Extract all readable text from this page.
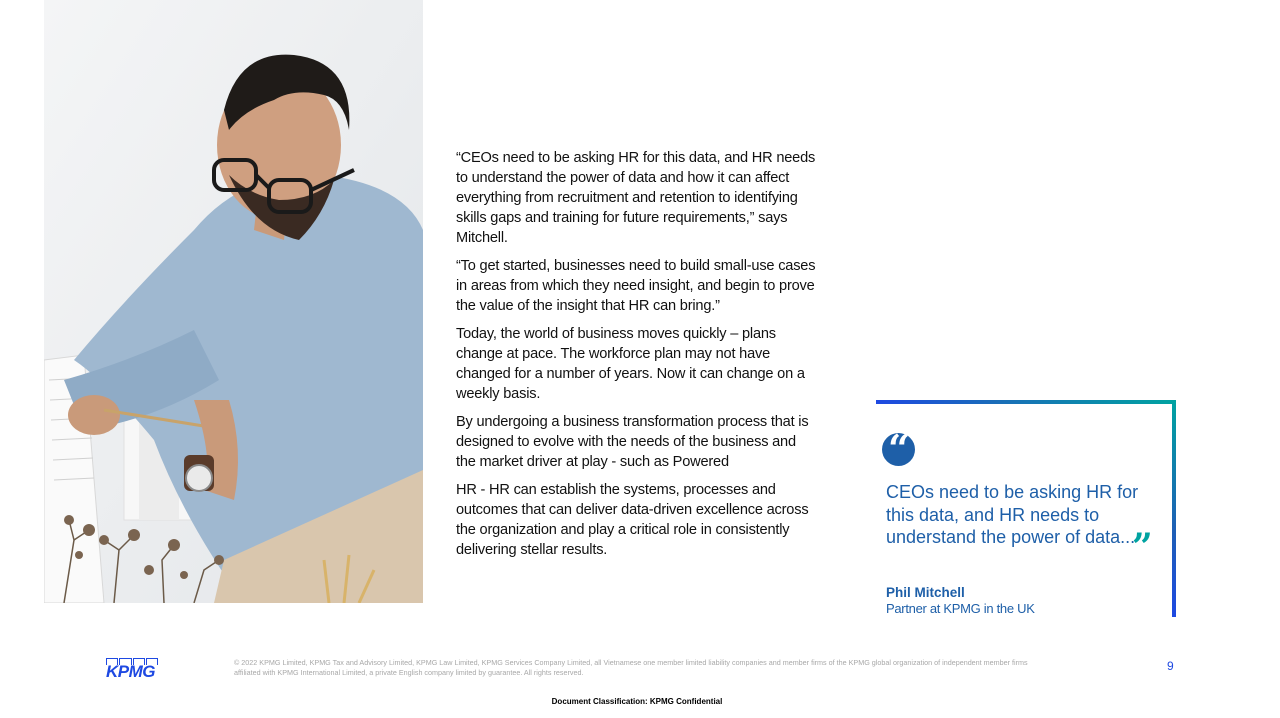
“CEOs need to be asking HR for this data, and HR needs to understand the power of data and how it can affect everything from recruitment and retention to identifying skills gaps and training for future requirements,” says Mitchell.

“To get started, businesses need to build small-use cases in areas from which they need insight, and begin to prove the value of the insight that HR can bring.”

Today, the world of business moves quickly – plans change at pace. The workforce plan may not have changed for a number of years. Now it can change on a weekly basis.

By undergoing a business transformation process that is designed to evolve with the needs of the business and the market driver at play - such as Powered

HR - HR can establish the systems, processes and outcomes that can deliver data-driven excellence across the organization and play a critical role in consistently delivering stellar results.

“
CEOs need to be asking HR for this data, and HR needs to understand the power of data...
”
Phil Mitchell
Partner at KPMG in the UK
KPMG	© 2022 KPMG Limited, KPMG Tax and Advisory Limited, KPMG Law Limited, KPMG Services Company Limited, all Vietnamese one member limited liability companies and member firms of the KPMG global organization of independent member firms affiliated with KPMG International Limited, a private English company limited by guarantee. All rights reserved.	9
Document Classification: KPMG Confidential
